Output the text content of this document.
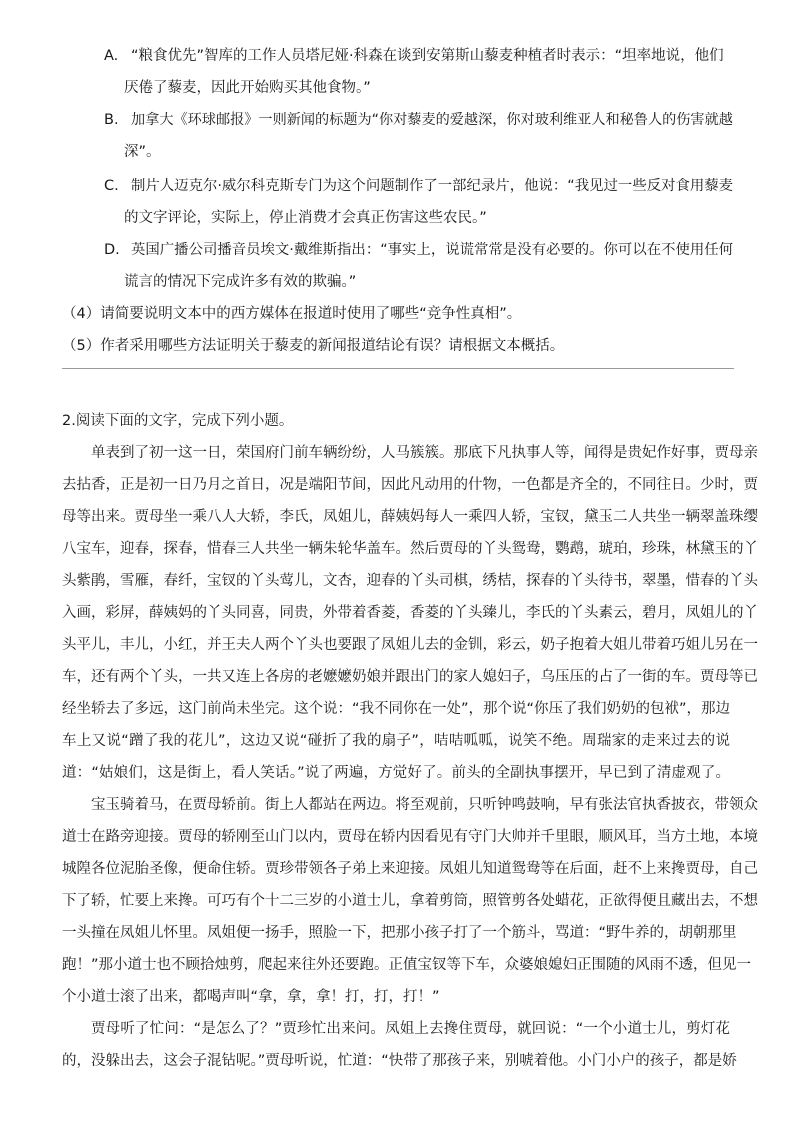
A. “粮食优先”智库的工作人员塔尼娅·科森在谈到安第斯山藜麦种植者时表示：“坦率地说，他们
厌倦了藜麦，因此开始购买其他食物。”
B. 加拿大《环球邮报》一则新闻的标题为“你对藜麦的爱越深，你对玻利维亚人和秘鲁人的伤害就越
深”。
C. 制片人迈克尔·威尔科克斯专门为这个问题制作了一部纪录片，他说：“我见过一些反对食用藜麦
的文字评论，实际上，停止消费才会真正伤害这些农民。”
D. 英国广播公司播音员埃文·戴维斯指出：“事实上，说谎常常是没有必要的。你可以在不使用任何
谎言的情况下完成许多有效的欺骗。”
（4）请简要说明文本中的西方媒体在报道时使用了哪些“竞争性真相”。
（5）作者采用哪些方法证明关于藜麦的新闻报道结论有误？请根据文本概括。
2.阅读下面的文字，完成下列小题。
单表到了初一这一日，荣国府门前车辆纷纷，人马簇簇。那底下凡执事人等，闻得是贵妃作好事，贾母亲
去拈香，正是初一日乃月之首日，况是端阳节间，因此凡动用的什物，一色都是齐全的，不同往日。少时，贾
母等出来。贾母坐一乘八人大轿，李氏，凤姐儿，薛姨妈每人一乘四人轿，宝钗，黛玉二人共坐一辆翠盖珠缨
八宝车，迎春，探春，惜春三人共坐一辆朱轮华盖车。然后贾母的丫头鸳鸯，鹦鹉，琥珀，珍珠，林黛玉的丫
头紫鹃，雪雁，春纤，宝钗的丫头莺儿，文杏，迎春的丫头司棋，绣桔，探春的丫头待书，翠墨，惜春的丫头
入画，彩屏，薛姨妈的丫头同喜，同贵，外带着香菱，香菱的丫头臻儿，李氏的丫头素云，碧月，凤姐儿的丫
头平儿，丰儿，小红，并王夫人两个丫头也要跟了凤姐儿去的金钏，彩云，奶子抱着大姐儿带着巧姐儿另在一
车，还有两个丫头，一共又连上各房的老嬷嬷奶娘并跟出门的家人媳妇子，乌压压的占了一街的车。贾母等已
经坐轿去了多远，这门前尚未坐完。这个说：“我不同你在一处”，那个说“你压了我们奶奶的包袱”，那边
车上又说“蹭了我的花儿”，这边又说“碰折了我的扇子”，咭咭呱呱，说笑不绝。周瑞家的走来过去的说
道：“姑娘们，这是街上，看人笑话。”说了两遍，方觉好了。前头的全副执事摆开，早已到了清虚观了。
宝玉骑着马，在贾母轿前。街上人都站在两边。将至观前，只听钟鸣鼓响，早有张法官执香披衣，带领众
道士在路旁迎接。贾母的轿刚至山门以内，贾母在轿内因看见有守门大帅并千里眼，顺风耳，当方土地，本境
城隍各位泥胎圣像，便命住轿。贾珍带领各子弟上来迎接。凤姐儿知道鸳鸯等在后面，赶不上来搀贾母，自己
下了轿，忙要上来搀。可巧有个十二三岁的小道士儿，拿着剪筒，照管剪各处蜡花，正欲得便且藏出去，不想
一头撞在凤姐儿怀里。凤姐便一扬手，照脸一下，把那小孩子打了一个筋斗，骂道：“野牛养的，胡朝那里
跑！”那小道士也不顾拾烛剪，爬起来往外还要跑。正值宝钗等下车，众婆娘媳妇正围随的风雨不透，但见一
个小道士滚了出来，都喝声叫“拿，拿，拿！打，打，打！”
贾母听了忙问：“是怎么了？”贾珍忙出来问。凤姐上去搀住贾母，就回说：“一个小道士儿，剪灯花
的，没躲出去，这会子混钻呢。”贾母听说，忙道：“快带了那孩子来，别唬着他。小门小户的孩子，都是娇
